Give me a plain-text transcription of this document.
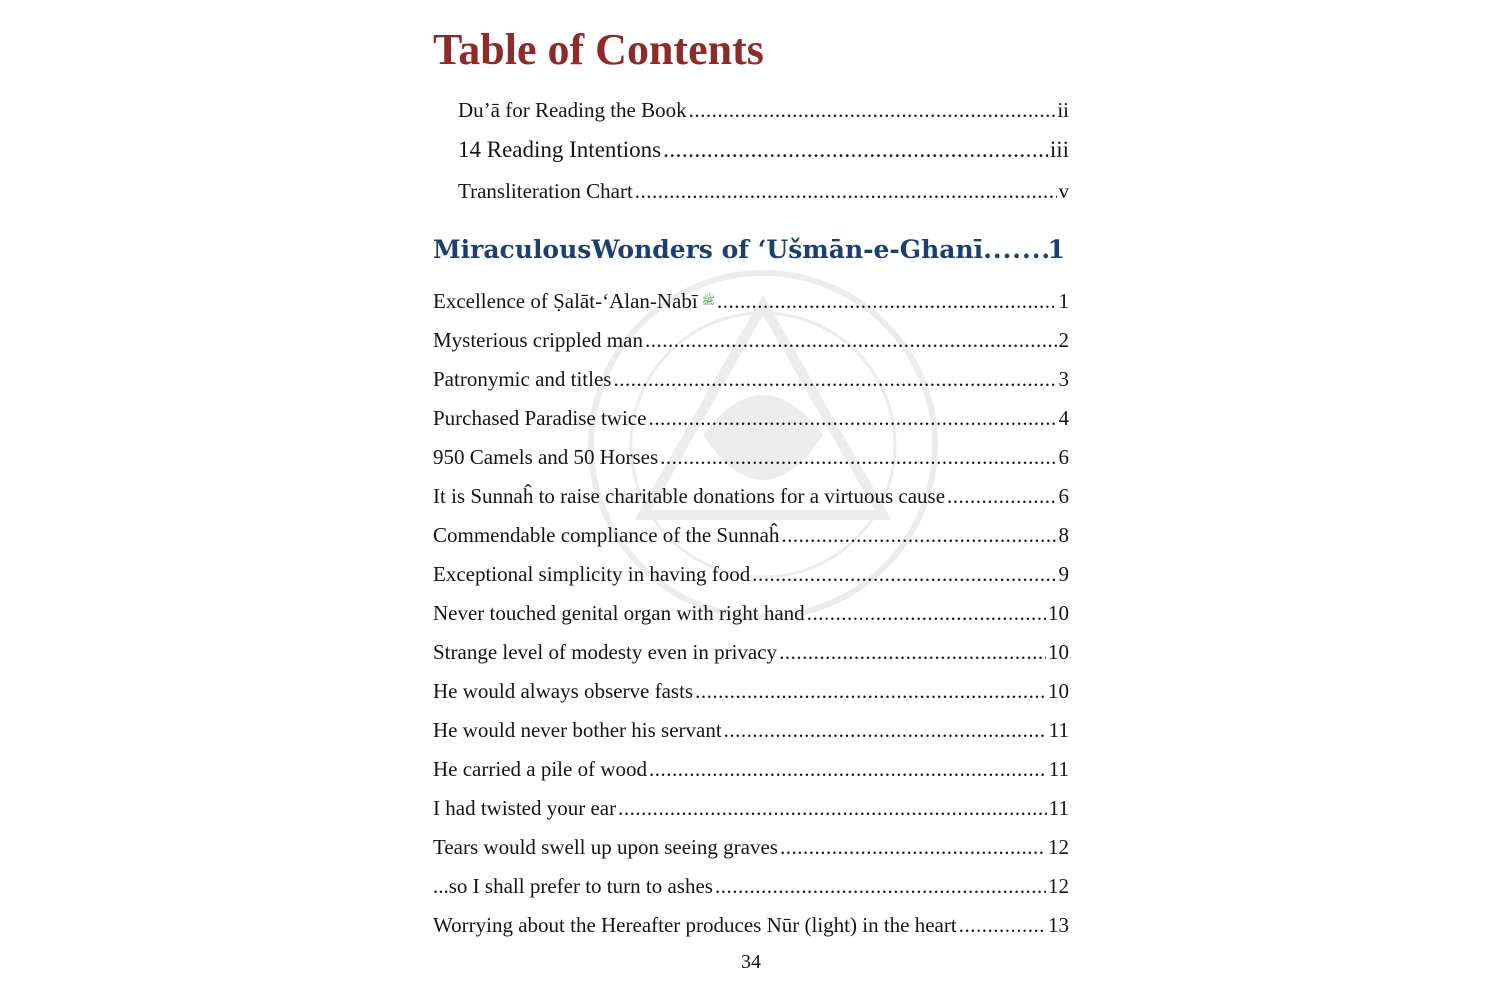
Table of Contents
Du’ā for Reading the Book .....	ii
14 Reading Intentions .....	iii
Transliteration Chart .....	v
MiraculousWonders of ‘Ušmān-e-Ghanī .....	1
Excellence of Ṣalāt-‘Alan-Nabī ﷺ .....	1
Mysterious crippled man .....	2
Patronymic and titles .....	3
Purchased Paradise twice .....	4
950 Camels and 50 Horses .....	6
It is Sunnaĥ to raise charitable donations for a virtuous cause .....	6
Commendable compliance of the Sunnaĥ .....	8
Exceptional simplicity in having food .....	9
Never touched genital organ with right hand .....	10
Strange level of modesty even in privacy .....	10
He would always observe fasts .....	10
He would never bother his servant .....	11
He carried a pile of wood .....	11
I had twisted your ear .....	11
Tears would swell up upon seeing graves .....	12
...so I shall prefer to turn to ashes .....	12
Worrying about the Hereafter produces Nūr (light) in the heart .....	13
34
